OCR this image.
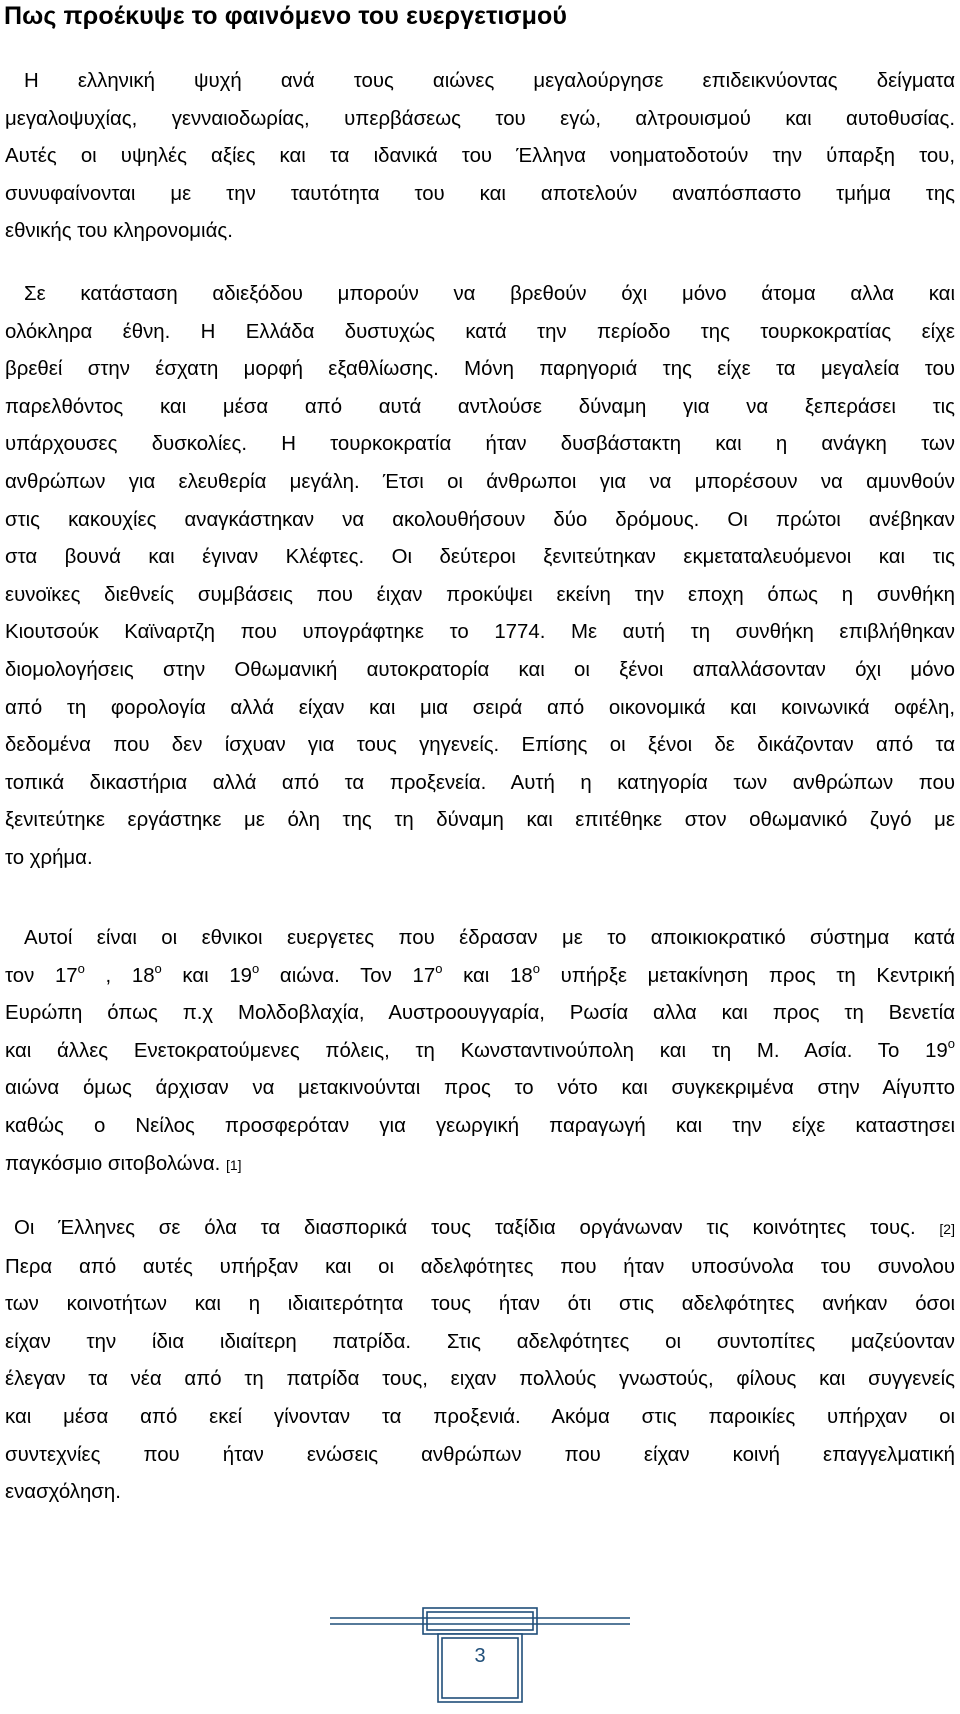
Πως προέκυψε το φαινόμενο του ευεργετισμού

Η ελληνική ψυχή ανά τους αιώνες μεγαλούργησε επιδεικνύοντας δείγματα
μεγαλοψυχίας, γενναιοδωρίας, υπερβάσεως του εγώ, αλτρουισμού και αυτοθυσίας.
Αυτές οι υψηλές αξίες και τα ιδανικά του Έλληνα νοηματοδοτούν την ύπαρξη του,
συνυφαίνονται με την ταυτότητα του και αποτελούν αναπόσπαστο τμήμα της
εθνικής του κληρονομιάς.

Σε κατάσταση αδιεξόδου μπορούν να βρεθούν όχι μόνο άτομα αλλα και
ολόκληρα έθνη. Η Ελλάδα δυστυχώς κατά την περίοδο της τουρκοκρατίας είχε
βρεθεί στην έσχατη μορφή εξαθλίωσης. Μόνη παρηγοριά της είχε τα μεγαλεία του
παρελθόντος και μέσα από αυτά αντλούσε δύναμη για να ξεπεράσει τις
υπάρχουσες δυσκολίες. Η τουρκοκρατία ήταν δυσβάστακτη και η ανάγκη των
ανθρώπων για ελευθερία μεγάλη. Έτσι οι άνθρωποι για να μπορέσουν να αμυνθούν
στις κακουχίες αναγκάστηκαν να ακολουθήσουν δύο δρόμους. Οι πρώτοι ανέβηκαν
στα βουνά και έγιναν Κλέφτες. Οι δεύτεροι ξενιτεύτηκαν εκμεταταλευόμενοι και τις
ευνοϊκες διεθνείς συμβάσεις που έιχαν προκύψει εκείνη την εποχη όπως η συνθήκη
Κιουτσούκ Καϊναρτζη που υπογράφτηκε το 1774. Με αυτή τη συνθήκη επιβλήθηκαν
διομολογήσεις στην Οθωμανική αυτοκρατορία και οι ξένοι απαλλάσονταν όχι μόνο
από τη φορολογία αλλά είχαν και μια σειρά από οικονομικά και κοινωνικά οφέλη,
δεδομένα που δεν ίσχυαν για τους γηγενείς. Επίσης οι ξένοι δε δικάζονταν από τα
τοπικά δικαστήρια αλλά από τα προξενεία. Αυτή η κατηγορία των ανθρώπων που
ξενιτεύτηκε εργάστηκε με όλη της τη δύναμη και επιτέθηκε στον οθωμανικό ζυγό με
το χρήμα.

Αυτοί είναι οι εθνικοι ευεργετες που έδρασαν με το αποικιοκρατικό σύστημα κατά
τον $17^o$ , $18^o$ και $19^o$ αιώνα. Τον $17^o$ και $18^o$ υπήρξε μετακίνηση προς τη Κεντρική
Ευρώπη όπως π.χ Μολδοβλαχία, Αυστροουγγαρία, Ρωσία αλλα και προς τη Βενετία
και άλλες Ενετοκρατούμενες πόλεις, τη Κωνσταντινούπολη και τη Μ. Ασία. Το $19^o$
αιώνα όμως άρχισαν να μετακινούνται προς το νότο και συγκεκριμένα στην Αίγυπτο
καθώς ο Νείλος προσφερόταν για γεωργική παραγωγή και την είχε καταστησει
παγκόσμιο σιτοβολώνα. [1]

Οι Έλληνες σε όλα τα διασπορικά τους ταξίδια οργάνωναν τις κοινότητες τους. [2]
Περα από αυτές υπήρξαν και οι αδελφότητες που ήταν υποσύνολα του συνολου
των κοινοτήτων και η ιδιαιτερότητα τους ήταν ότι στις αδελφότητες ανήκαν όσοι
είχαν την ίδια ιδιαίτερη πατρίδα. Στις αδελφότητες οι συντοπίτες μαζεύονταν
έλεγαν τα νέα από τη πατρίδα τους, ειχαν πολλούς γνωστούς, φίλους και συγγενείς
και μέσα από εκεί γίνονταν τα προξενιά. Ακόμα στις παροικίες υπήρχαν οι
συντεχνίες που ήταν ενώσεις ανθρώπων που είχαν κοινή επαγγελματική
ενασχόληση.

3
